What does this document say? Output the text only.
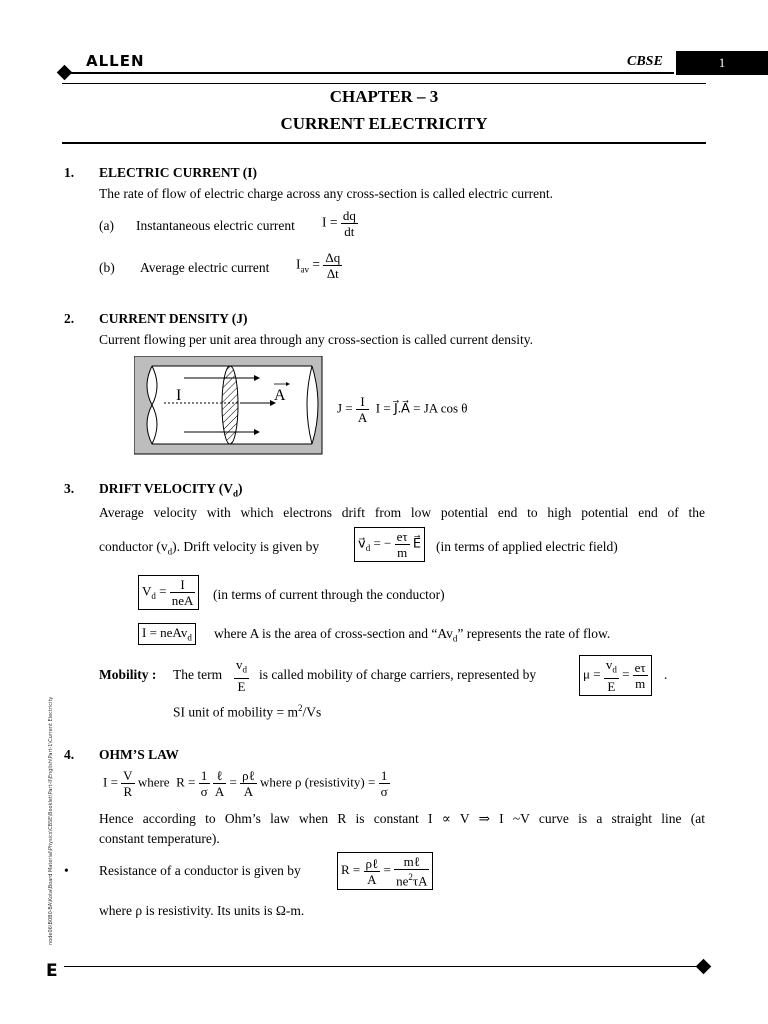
ALLEN	CBSE	1
CHAPTER – 3
CURRENT ELECTRICITY
1. ELECTRIC CURRENT (I)
The rate of flow of electric charge across any cross-section is called electric current.
(a) Instantaneous electric current $I = \frac{dq}{dt}$
(b) Average electric current $I_{av} = \frac{\Delta q}{\Delta t}$
2. CURRENT DENSITY (J)
Current flowing per unit area through any cross-section is called current density.
I	A
$J = \frac{I}{A}$ I = J⃗.A⃗ = JA cos θ
3. DRIFT VELOCITY $(V_d)$
Average velocity with which electrons drift from low potential end to high potential end of the
conductor $(v_d)$. Drift velocity is given by	$v⃗_d$ = − $\frac{e\tau}{m}$ E⃗ (in terms of applied electric field)
$V_d = \frac{I}{\text{neA}} (in$ terms of current through the conductor)
I = neAv$_d$ where A is the area of cross-section and “$Av_d$” represents the rate of flow.
Mobility : The term $\frac{v_d}{E}$ is called mobility of charge carriers, represented by	$\mu = \frac{v_d}{E} = \frac{e\tau}{m}$ .
SI unit of mobility = $m^2/Vs$
4. OHM’S LAW
$I = \frac{V}{R}$ where  $R = \frac{1}{\sigma}$
$\frac{\text{ℓ}}{A} = \frac{\text{ρℓ}}{A}$ where ρ (resistivity) = $\frac{1}{\sigma}$
Hence according to Ohm’s law when R is constant I ∝ V ⇒ I ~V curve is a straight line (at
constant temperature).
• Resistance of a conductor is given by	$R = \frac{\text{ρℓ}}{A} = \frac{\text{mℓ}}{ne^2\tau A}$
where ρ is resistivity. Its units is Ω-m.
node06\B0B0-BA\Kota\Board Material\Physics\CBSE\Booklet\Part-II\English\Part-1\Current Electricity
E
